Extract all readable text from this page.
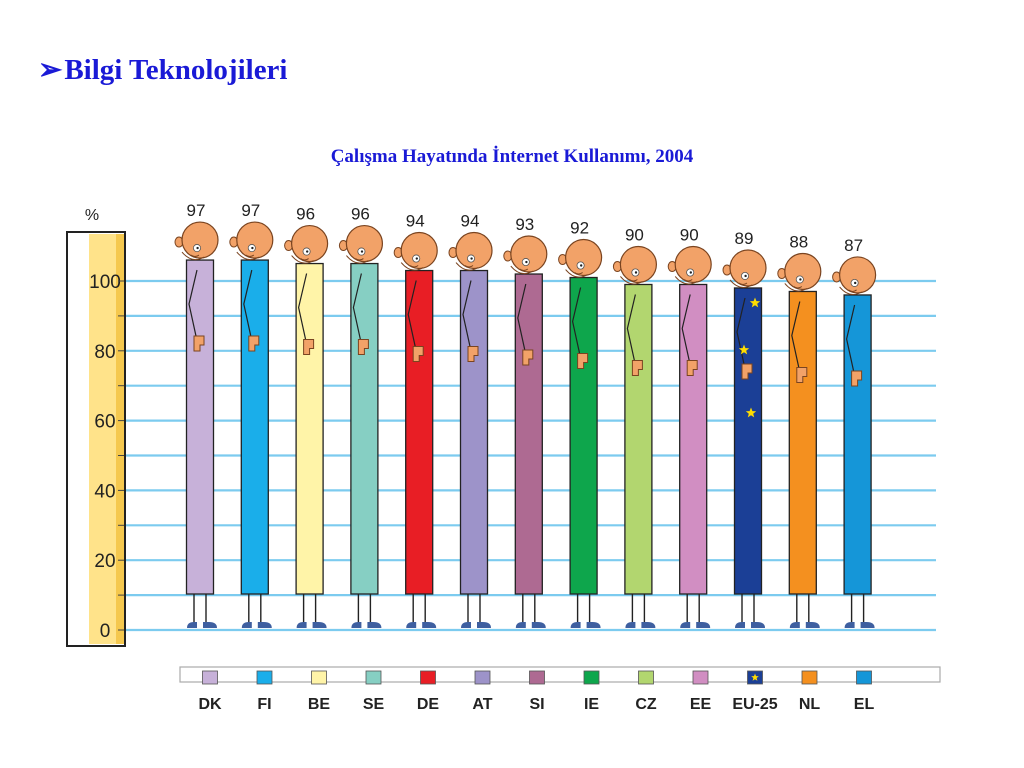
➢Bilgi Teknolojileri
Çalışma Hayatında İnternet Kullanımı, 2004
%
0
20
40
60
80
100
97 97 96 96 94 94 93 92 90 90 89 88 87
DK FI BE SE DE AT SI IE CZ EE EU-25 NL EL
